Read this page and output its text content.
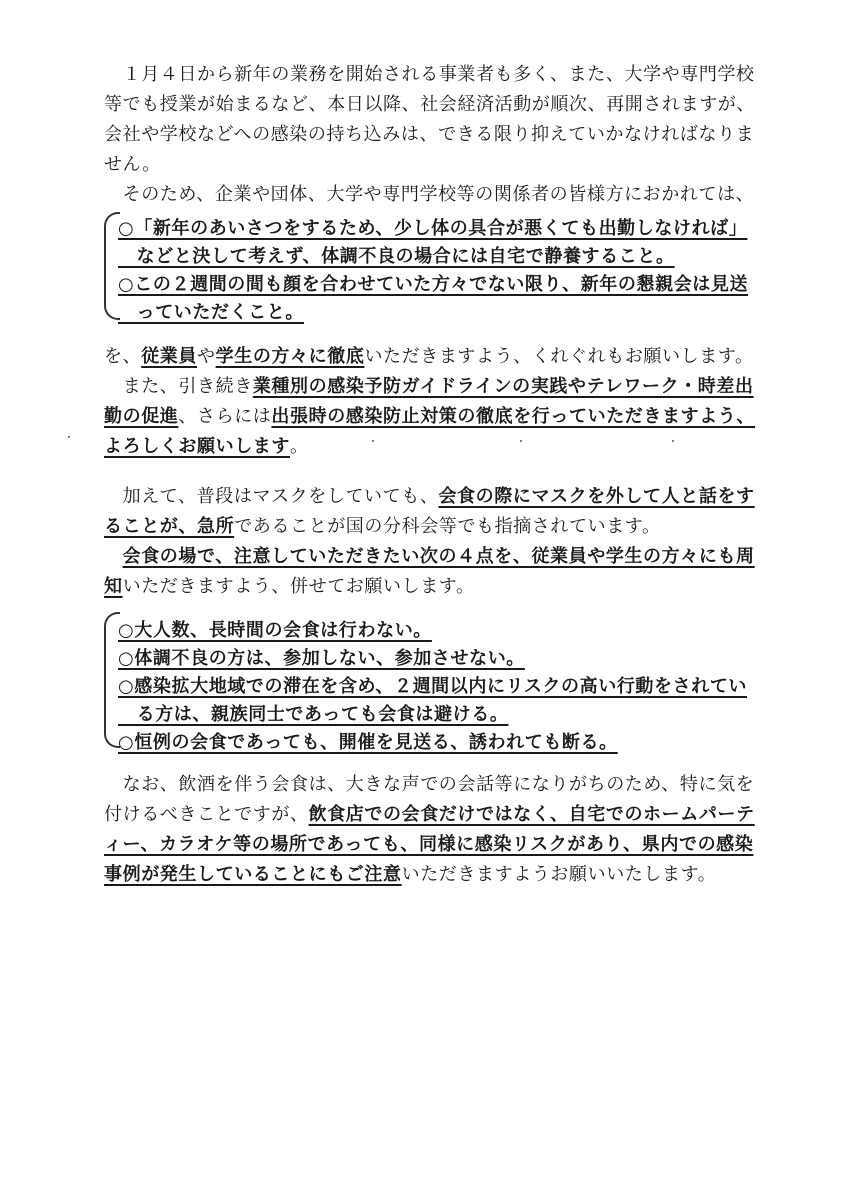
　１月４日から新年の業務を開始される事業者も多く、また、大学や専門学校
等でも授業が始まるなど、本日以降、社会経済活動が順次、再開されますが、
会社や学校などへの感染の持ち込みは、できる限り抑えていかなければなりま
せん。
　そのため、企業や団体、大学や専門学校等の関係者の皆様方におかれては、
○「新年のあいさつをするため、少し体の具合が悪くても出勤しなければ」
　などと決して考えず、体調不良の場合には自宅で静養すること。
○この２週間の間も顔を合わせていた方々でない限り、新年の懇親会は見送
　っていただくこと。
を、従業員や学生の方々に徹底いただきますよう、くれぐれもお願いします。
　また、引き続き業種別の感染予防ガイドラインの実践やテレワーク・時差出
勤の促進、さらには出張時の感染防止対策の徹底を行っていただきますよう、
よろしくお願いします。
　加えて、普段はマスクをしていても、会食の際にマスクを外して人と話をす
ることが、急所であることが国の分科会等でも指摘されています。
　会食の場で、注意していただきたい次の４点を、従業員や学生の方々にも周
知いただきますよう、併せてお願いします。
○大人数、長時間の会食は行わない。
○体調不良の方は、参加しない、参加させない。
○感染拡大地域での滞在を含め、２週間以内にリスクの高い行動をされてい
　る方は、親族同士であっても会食は避ける。
○恒例の会食であっても、開催を見送る、誘われても断る。
　なお、飲酒を伴う会食は、大きな声での会話等になりがちのため、特に気を
付けるべきことですが、飲食店での会食だけではなく、自宅でのホームパーテ
ィー、カラオケ等の場所であっても、同様に感染リスクがあり、県内での感染
事例が発生していることにもご注意いただきますようお願いいたします。
